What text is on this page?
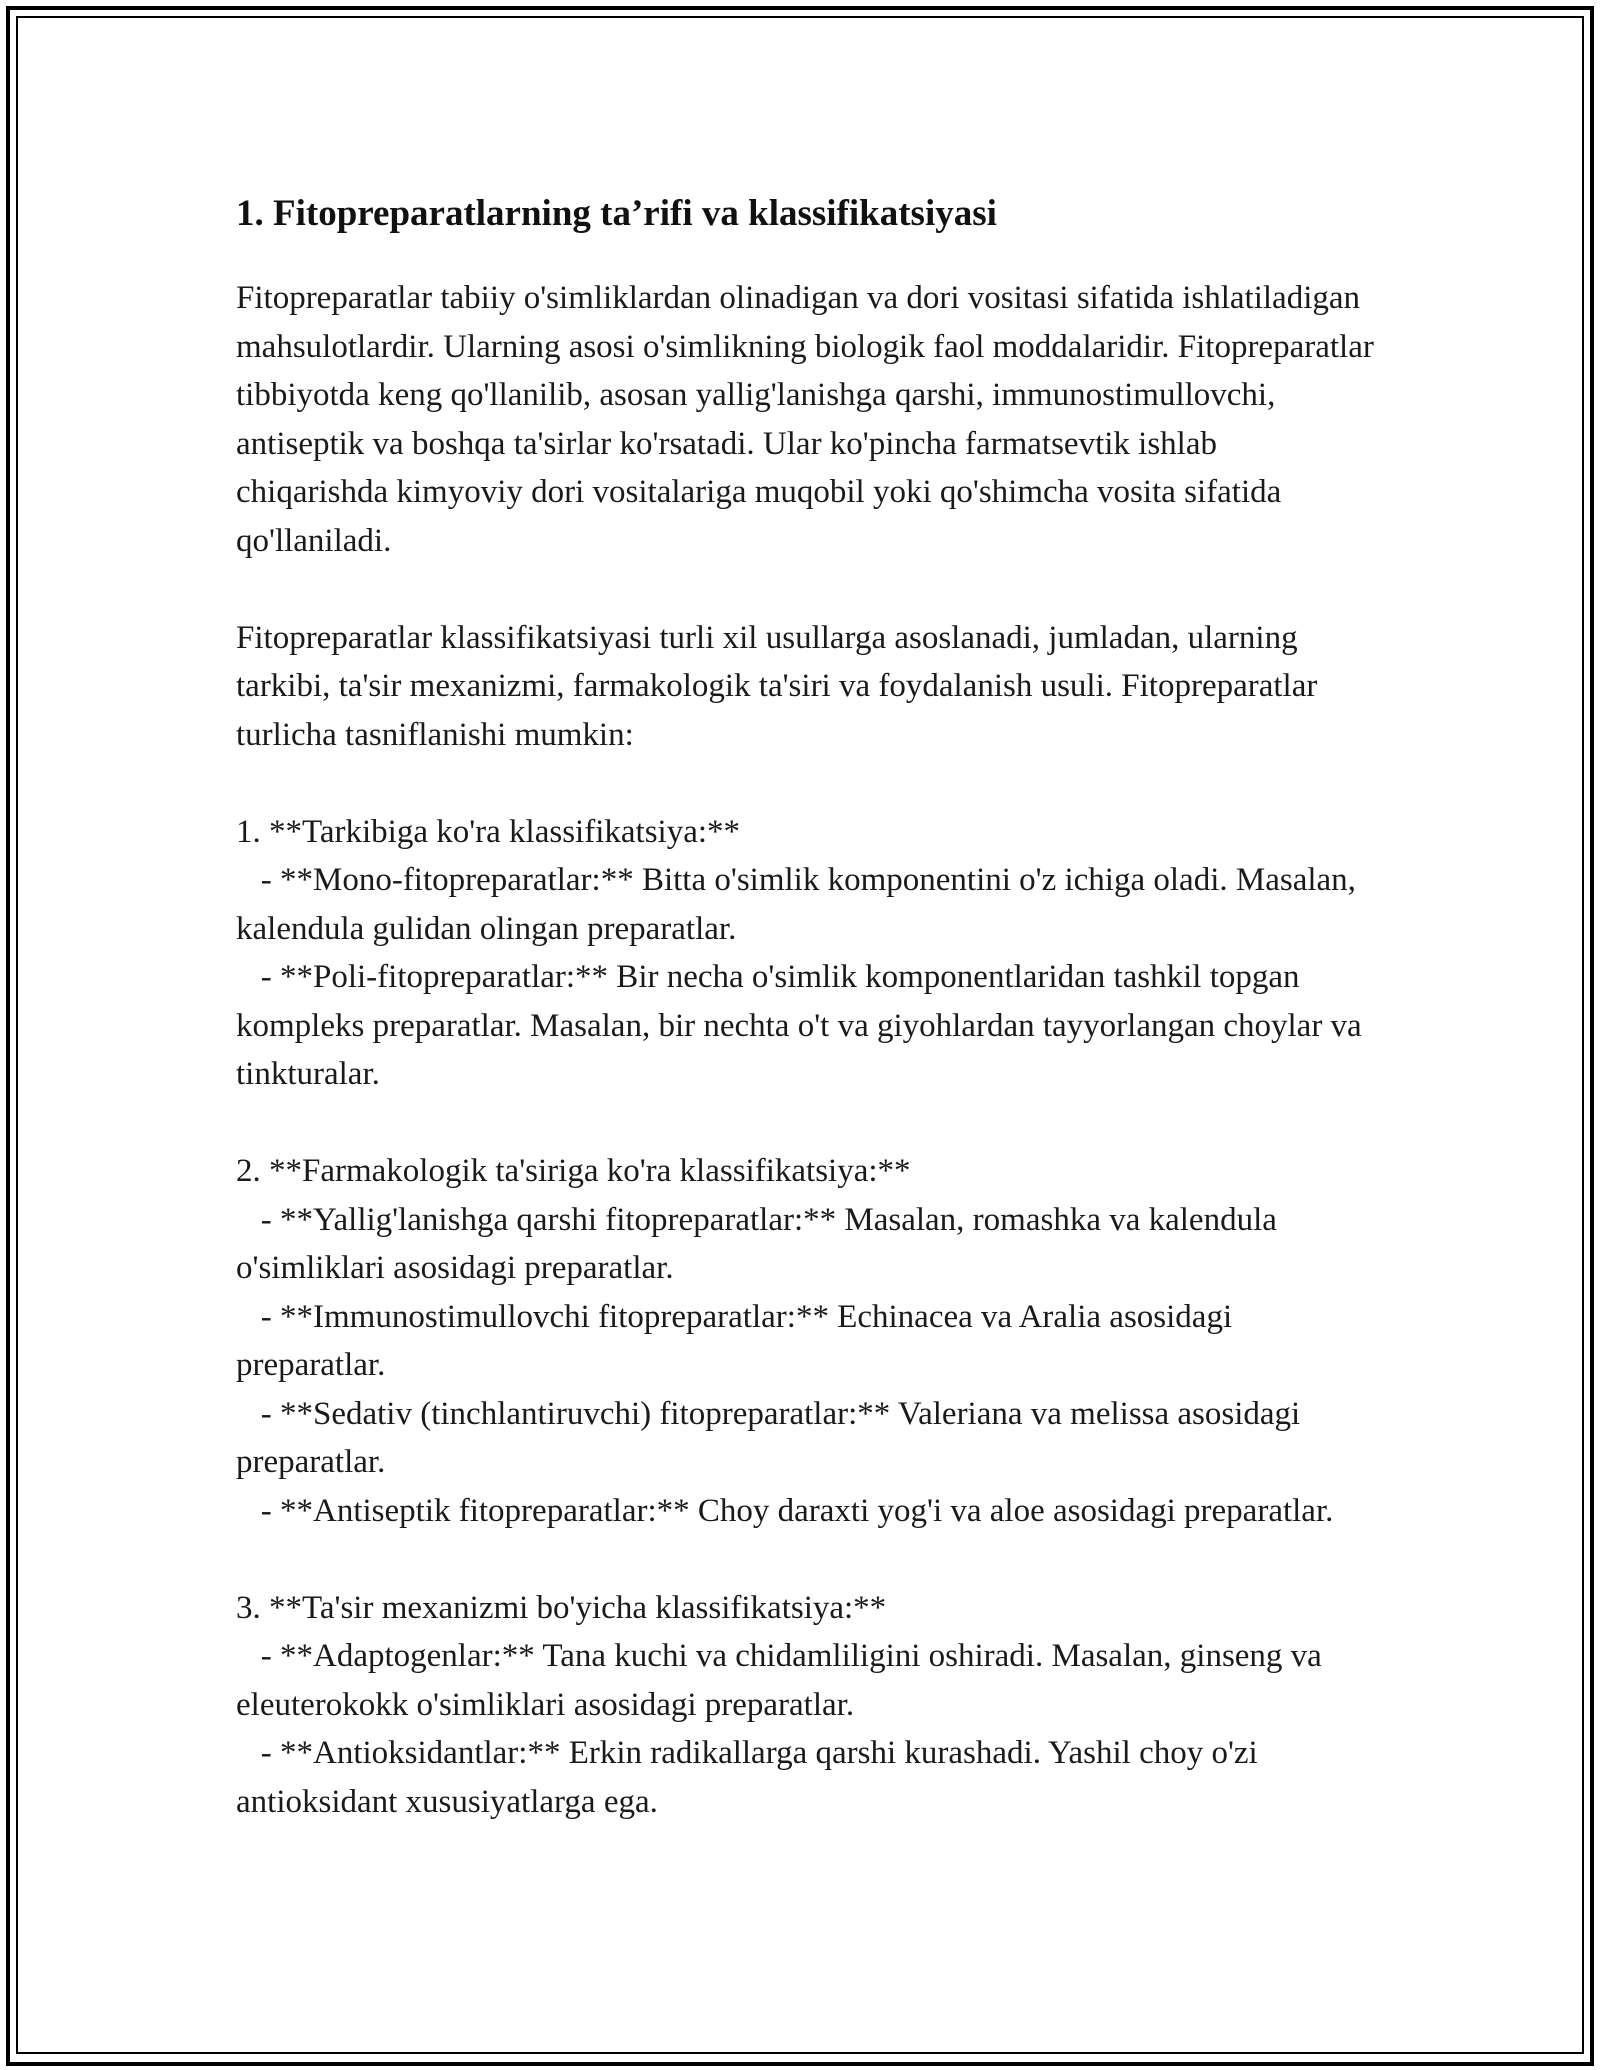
1. Fitopreparatlarning ta’rifi va klassifikatsiyasi

Fitopreparatlar tabiiy o'simliklardan olinadigan va dori vositasi sifatida ishlatiladigan mahsulotlardir. Ularning asosi o'simlikning biologik faol moddalaridir. Fitopreparatlar tibbiyotda keng qo'llanilib, asosan yallig'lanishga qarshi, immunostimullovchi, antiseptik va boshqa ta'sirlar ko'rsatadi. Ular ko'pincha farmatsevtik ishlab chiqarishda kimyoviy dori vositalariga muqobil yoki qo'shimcha vosita sifatida qo'llaniladi.

Fitopreparatlar klassifikatsiyasi turli xil usullarga asoslanadi, jumladan, ularning tarkibi, ta'sir mexanizmi, farmakologik ta'siri va foydalanish usuli. Fitopreparatlar turlicha tasniflanishi mumkin:

1. **Tarkibiga ko'ra klassifikatsiya:**

- **Mono-fitopreparatlar:** Bitta o'simlik komponentini o'z ichiga oladi. Masalan, kalendula gulidan olingan preparatlar.

- **Poli-fitopreparatlar:** Bir necha o'simlik komponentlaridan tashkil topgan kompleks preparatlar. Masalan, bir nechta o't va giyohlardan tayyorlangan choylar va tinkturalar.

2. **Farmakologik ta'siriga ko'ra klassifikatsiya:**

- **Yallig'lanishga qarshi fitopreparatlar:** Masalan, romashka va kalendula o'simliklari asosidagi preparatlar.

- **Immunostimullovchi fitopreparatlar:** Echinacea va Aralia asosidagi preparatlar.

- **Sedativ (tinchlantiruvchi) fitopreparatlar:** Valeriana va melissa asosidagi preparatlar.

- **Antiseptik fitopreparatlar:** Choy daraxti yog'i va aloe asosidagi preparatlar.

3. **Ta'sir mexanizmi bo'yicha klassifikatsiya:**

- **Adaptogenlar:** Tana kuchi va chidamliligini oshiradi. Masalan, ginseng va eleuterokokk o'simliklari asosidagi preparatlar.

- **Antioksidantlar:** Erkin radikallarga qarshi kurashadi. Yashil choy o'zi antioksidant xususiyatlarga ega.
